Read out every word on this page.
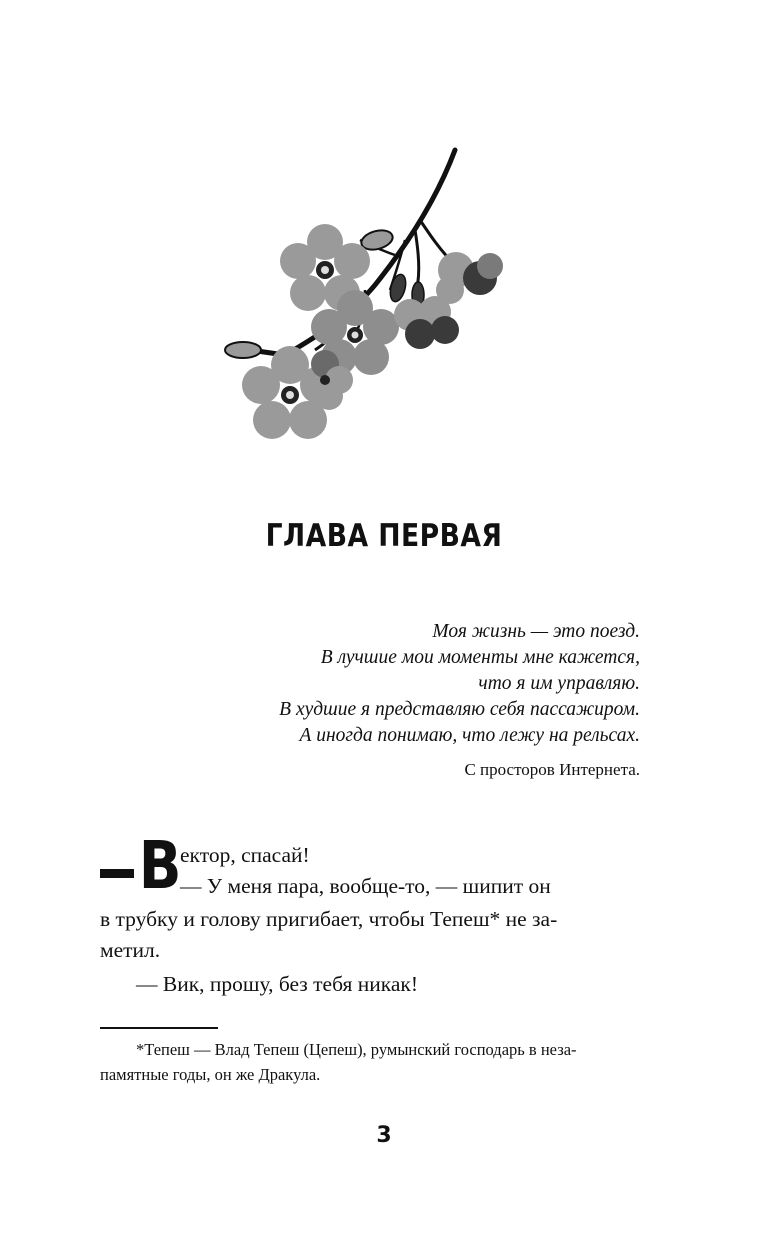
ГЛАВА ПЕРВАЯ
Моя жизнь — это поезд.
В лучшие мои моменты мне кажется,
что я им управляю.
В худшие я представляю себя пассажиром.
А иногда понимаю, что лежу на рельсах.
С просторов Интернета.
В
ектор, спасай!
— У меня пара, вообще-то, — шипит он
в трубку и голову пригибает, чтобы Тепеш* не за-
метил.
— Вик, прошу, без тебя никак!
*Тепеш — Влад Тепеш (Цепеш), румынский господарь в неза-
памятные годы, он же Дракула.
3
